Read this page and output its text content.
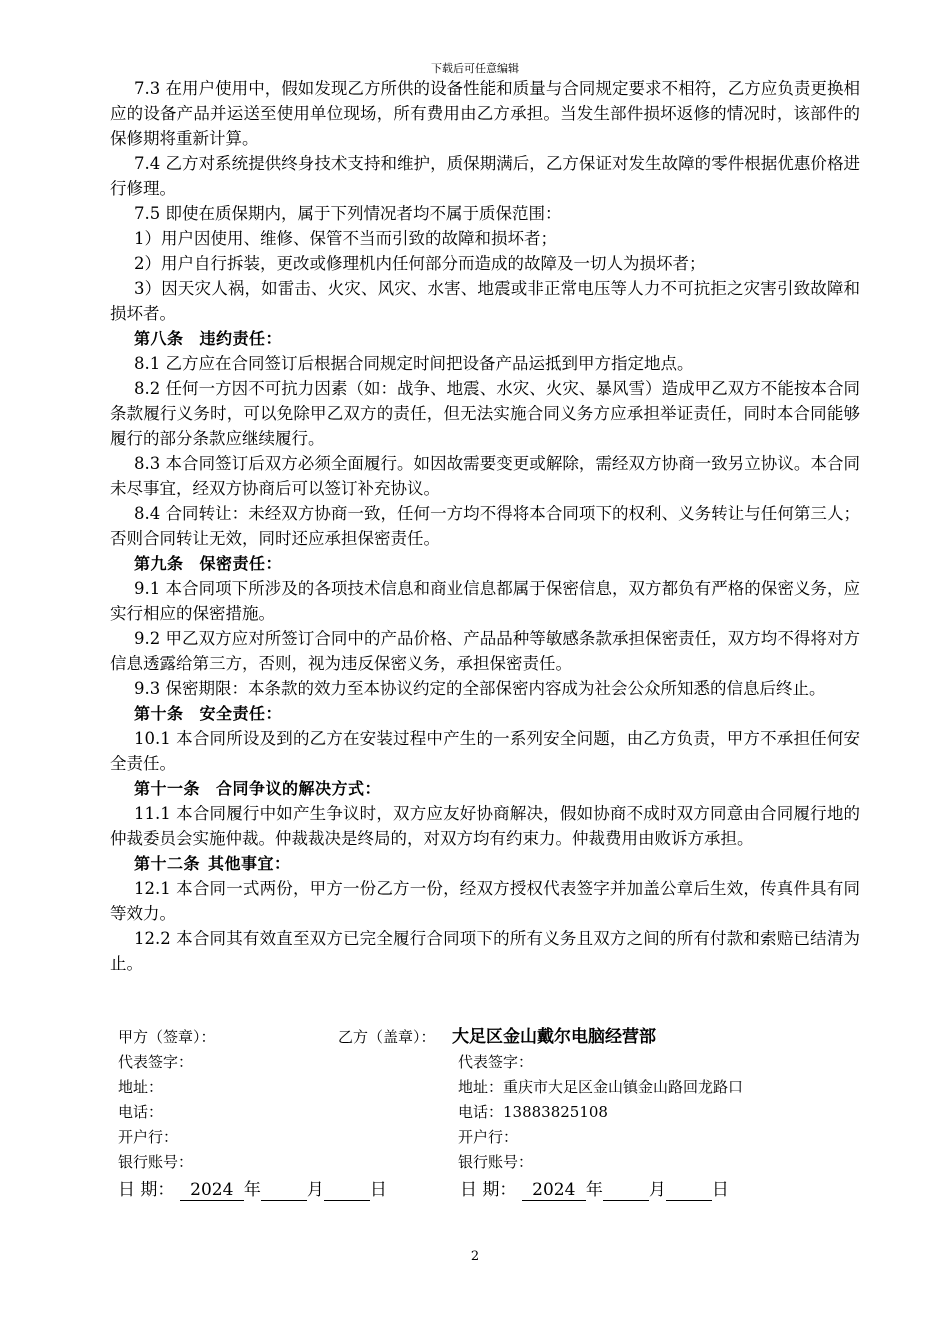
下载后可任意编辑

7.3 在用户使用中，假如发现乙方所供的设备性能和质量与合同规定要求不相符，乙方应负责更换相应的设备产品并运送至使用单位现场，所有费用由乙方承担。当发生部件损坏返修的情况时，该部件的保修期将重新计算。

7.4 乙方对系统提供终身技术支持和维护，质保期满后，乙方保证对发生故障的零件根据优惠价格进行修理。

7.5 即使在质保期内，属于下列情况者均不属于质保范围：

1）用户因使用、维修、保管不当而引致的故障和损坏者；

2）用户自行拆装，更改或修理机内任何部分而造成的故障及一切人为损坏者；

3）因天灾人祸，如雷击、火灾、风灾、水害、地震或非正常电压等人力不可抗拒之灾害引致故障和损坏者。

第八条 违约责任：

8.1 乙方应在合同签订后根据合同规定时间把设备产品运抵到甲方指定地点。

8.2 任何一方因不可抗力因素（如：战争、地震、水灾、火灾、暴风雪）造成甲乙双方不能按本合同条款履行义务时，可以免除甲乙双方的责任，但无法实施合同义务方应承担举证责任，同时本合同能够履行的部分条款应继续履行。

8.3 本合同签订后双方必须全面履行。如因故需要变更或解除，需经双方协商一致另立协议。本合同未尽事宜，经双方协商后可以签订补充协议。

8.4 合同转让：未经双方协商一致，任何一方均不得将本合同项下的权利、义务转让与任何第三人；否则合同转让无效，同时还应承担保密责任。

第九条 保密责任：

9.1 本合同项下所涉及的各项技术信息和商业信息都属于保密信息，双方都负有严格的保密义务，应实行相应的保密措施。

9.2 甲乙双方应对所签订合同中的产品价格、产品品种等敏感条款承担保密责任，双方均不得将对方信息透露给第三方，否则，视为违反保密义务，承担保密责任。

9.3 保密期限：本条款的效力至本协议约定的全部保密内容成为社会公众所知悉的信息后终止。

第十条 安全责任：

10.1 本合同所设及到的乙方在安装过程中产生的一系列安全问题，由乙方负责，甲方不承担任何安全责任。

第十一条 合同争议的解决方式：

11.1 本合同履行中如产生争议时，双方应友好协商解决，假如协商不成时双方同意由合同履行地的仲裁委员会实施仲裁。仲裁裁决是终局的，对双方均有约束力。仲裁费用由败诉方承担。

第十二条 其他事宜：

12.1 本合同一式两份，甲方一份乙方一份，经双方授权代表签字并加盖公章后生效，传真件具有同等效力。

12.2 本合同其有效直至双方已完全履行合同项下的所有义务且双方之间的所有付款和索赔已结清为止。

甲方（签章）：	乙方（盖章）： 大足区金山戴尔电脑经营部
代表签字：	代表签字：
地址：	地址：重庆市大足区金山镇金山路回龙路口
电话：	电话：13883825108
开户行：	开户行：
银行账号：	银行账号：
日 期： 2024 年	月	日	日 期： 2024 年	月	日
2
